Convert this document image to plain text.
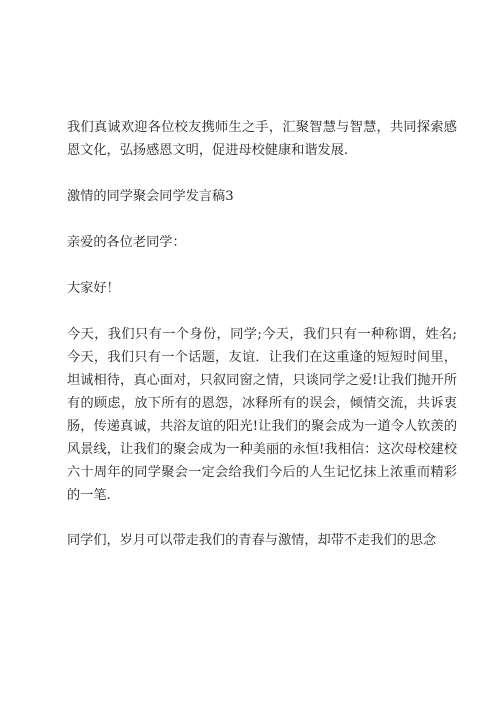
我们真诚欢迎各位校友携师生之手，汇聚智慧与智慧，共同探索感恩文化，弘扬感恩文明，促进母校健康和谐发展.

激情的同学聚会同学发言稿3

亲爱的各位老同学：

大家好！

今天，我们只有一个身份，同学;今天，我们只有一种称谓，姓名;今天，我们只有一个话题，友谊．让我们在这重逢的短短时间里，坦诚相待，真心面对，只叙同窗之情，只谈同学之爱!让我们抛开所有的顾虑，放下所有的恩怨，冰释所有的误会，倾情交流，共诉衷肠，传递真诚，共浴友谊的阳光!让我们的聚会成为一道令人钦羡的风景线，让我们的聚会成为一种美丽的永恒!我相信：这次母校建校六十周年的同学聚会一定会给我们今后的人生记忆抹上浓重而精彩的一笔.

同学们，岁月可以带走我们的青春与激情，却带不走我们的思念
